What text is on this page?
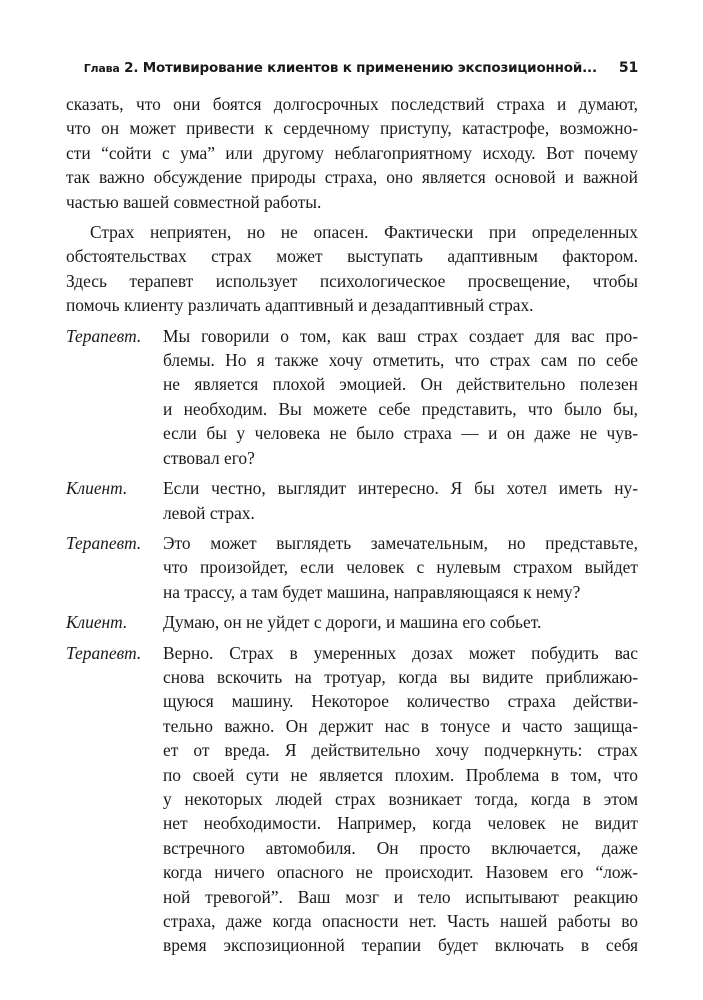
Глава 2. Мотивирование клиентов к применению экспозиционной...	51

сказать, что они боятся долгосрочных последствий страха и думают,
что он может привести к сердечному приступу, катастрофе, возможно-
сти “сойти с ума” или другому неблагоприятному исходу. Вот почему
так важно обсуждение природы страха, оно является основой и важной
частью вашей совместной работы.

Страх неприятен, но не опасен. Фактически при определенных
обстоятельствах страх может выступать адаптивным фактором.
Здесь терапевт использует психологическое просвещение, чтобы
помочь клиенту различать адаптивный и дезадаптивный страх.

Терапевт.	Мы говорили о том, как ваш страх создает для вас про-
блемы. Но я также хочу отметить, что страх сам по себе
не является плохой эмоцией. Он действительно полезен
и необходим. Вы можете себе представить, что было бы,
если бы у человека не было страха — и он даже не чув-
ствовал его?
Клиент.	Если честно, выглядит интересно. Я бы хотел иметь ну-
левой страх.
Терапевт.	Это может выглядеть замечательным, но представьте,
что произойдет, если человек с нулевым страхом выйдет
на трассу, а там будет машина, направляющаяся к нему?
Клиент.	Думаю, он не уйдет с дороги, и машина его собьет.
Терапевт.	Верно. Страх в умеренных дозах может побудить вас
снова вскочить на тротуар, когда вы видите приближаю-
щуюся машину. Некоторое количество страха действи-
тельно важно. Он держит нас в тонусе и часто защища-
ет от вреда. Я действительно хочу подчеркнуть: страх
по своей сути не является плохим. Проблема в том, что
у некоторых людей страх возникает тогда, когда в этом
нет необходимости. Например, когда человек не видит
встречного автомобиля. Он просто включается, даже
когда ничего опасного не происходит. Назовем его “лож-
ной тревогой”. Ваш мозг и тело испытывают реакцию
страха, даже когда опасности нет. Часть нашей работы во
время экспозиционной терапии будет включать в себя
